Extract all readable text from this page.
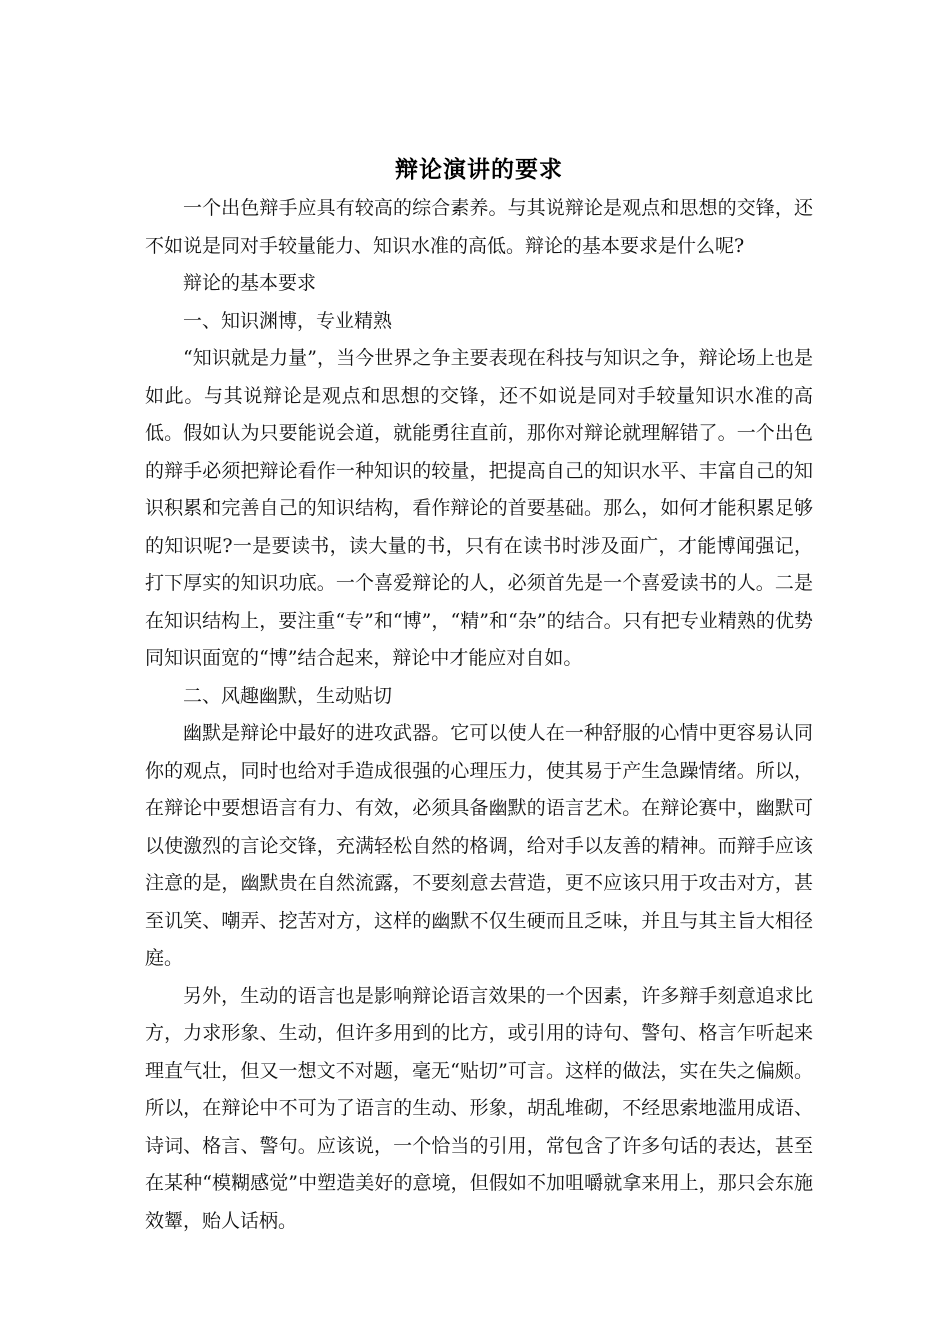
辩论演讲的要求

一个出色辩手应具有较高的综合素养。与其说辩论是观点和思想的交锋，还不如说是同对手较量能力、知识水准的高低。辩论的基本要求是什么呢?

辩论的基本要求

一、知识渊博，专业精熟

“知识就是力量”，当今世界之争主要表现在科技与知识之争，辩论场上也是如此。与其说辩论是观点和思想的交锋，还不如说是同对手较量知识水准的高低。假如认为只要能说会道，就能勇往直前，那你对辩论就理解错了。一个出色的辩手必须把辩论看作一种知识的较量，把提高自己的知识水平、丰富自己的知识积累和完善自己的知识结构，看作辩论的首要基础。那么，如何才能积累足够的知识呢?一是要读书，读大量的书，只有在读书时涉及面广，才能博闻强记，打下厚实的知识功底。一个喜爱辩论的人，必须首先是一个喜爱读书的人。二是在知识结构上，要注重“专”和“博”，“精”和“杂”的结合。只有把专业精熟的优势同知识面宽的“博”结合起来，辩论中才能应对自如。

二、风趣幽默，生动贴切

幽默是辩论中最好的进攻武器。它可以使人在一种舒服的心情中更容易认同你的观点，同时也给对手造成很强的心理压力，使其易于产生急躁情绪。所以，在辩论中要想语言有力、有效，必须具备幽默的语言艺术。在辩论赛中，幽默可以使激烈的言论交锋，充满轻松自然的格调，给对手以友善的精神。而辩手应该注意的是，幽默贵在自然流露，不要刻意去营造，更不应该只用于攻击对方，甚至讥笑、嘲弄、挖苦对方，这样的幽默不仅生硬而且乏味，并且与其主旨大相径庭。

另外，生动的语言也是影响辩论语言效果的一个因素，许多辩手刻意追求比方，力求形象、生动，但许多用到的比方，或引用的诗句、警句、格言乍听起来理直气壮，但又一想文不对题，毫无“贴切”可言。这样的做法，实在失之偏颇。所以，在辩论中不可为了语言的生动、形象，胡乱堆砌，不经思索地滥用成语、诗词、格言、警句。应该说，一个恰当的引用，常包含了许多句话的表达，甚至在某种“模糊感觉”中塑造美好的意境，但假如不加咀嚼就拿来用上，那只会东施效颦，贻人话柄。
